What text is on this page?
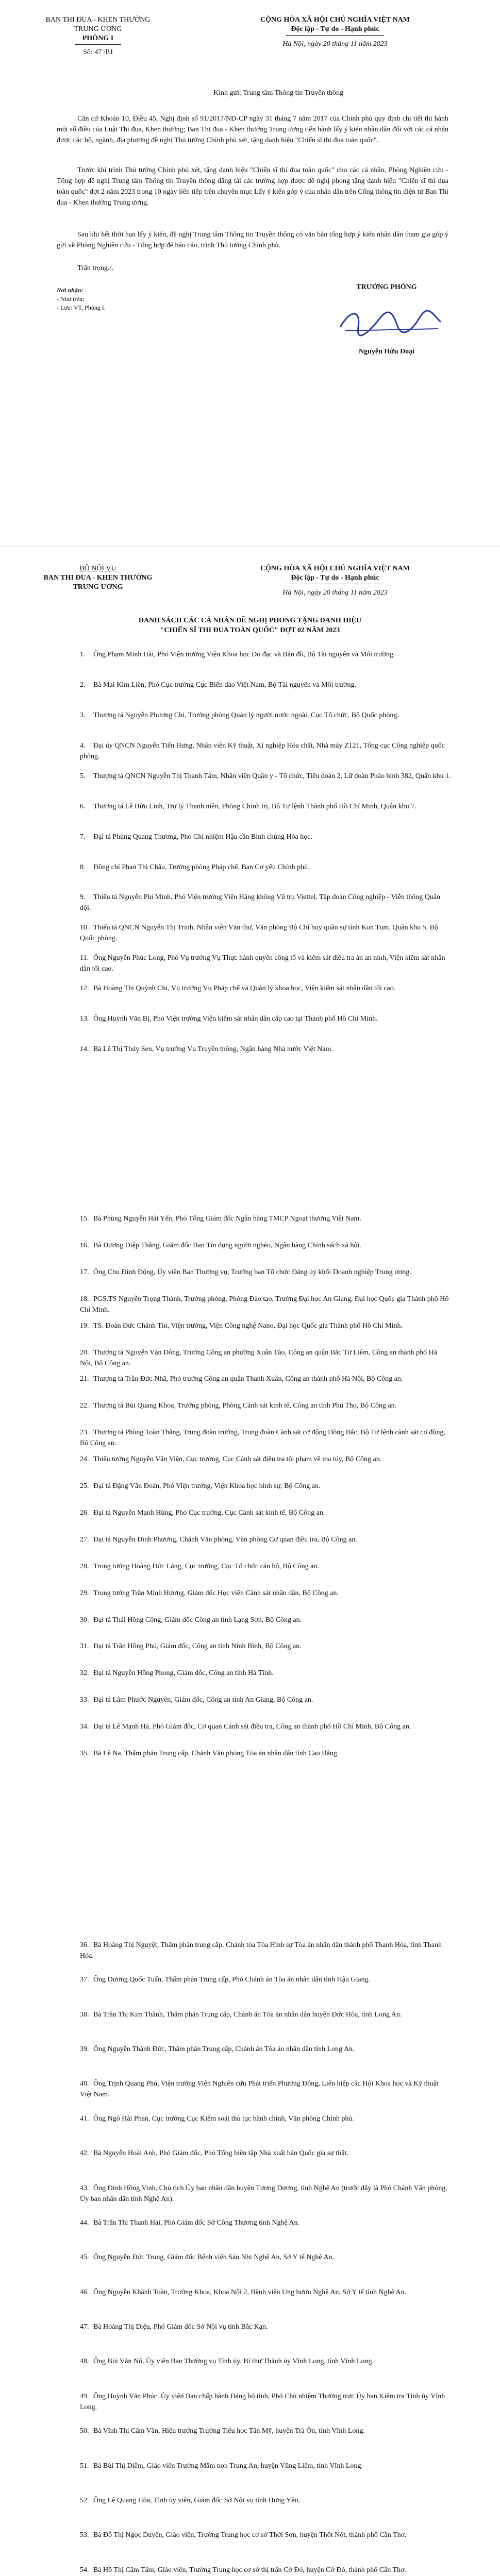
BAN THI ĐUA - KHEN THƯỞNG
TRUNG ƯƠNG
PHÒNG I
Số: 47 /P.I
CỘNG HÒA XÃ HỘI CHỦ NGHĨA VIỆT NAM
Độc lập - Tự do - Hạnh phúc
Hà Nội, ngày 20 tháng 11 năm 2023
Kính gửi: Trung tâm Thông tin Truyền thông
Căn cứ Khoản 10, Điều 45, Nghị định số 91/2017/NĐ-CP ngày 31 tháng 7 năm 2017 của Chính phủ quy định chi tiết thi hành một số điều của Luật Thi đua, Khen thưởng; Ban Thi đua - Khen thưởng Trung ương tiến hành lấy ý kiến nhân dân đối với các cá nhân được các bộ, ngành, địa phương đề nghị Thủ tướng Chính phủ xét, tặng danh hiệu "Chiến sĩ thi đua toàn quốc".
Trước khi trình Thủ tướng Chính phủ xét, tặng danh hiệu "Chiến sĩ thi đua toàn quốc" cho các cá nhân, Phòng Nghiên cứu - Tổng hợp đề nghị Trung tâm Thông tin Truyền thông đăng tải các trường hợp được đề nghị phong tặng danh hiệu "Chiến sĩ thi đua toàn quốc" đợt 2 năm 2023 trong 10 ngày liên tiếp trên chuyên mục Lấy ý kiến góp ý của nhân dân trên Cổng thông tin điện tử Ban Thi đua - Khen thưởng Trung ương.
Sau khi hết thời hạn lấy ý kiến, đề nghị Trung tâm Thông tin Truyền thông có văn bản tổng hợp ý kiến nhân dân tham gia góp ý gửi về Phòng Nghiên cứu - Tổng hợp để báo cáo, trình Thủ tướng Chính phủ.
Trân trọng./.
Nơi nhận:
- Như trên;
- Lưu: VT, Phòng I.
TRƯỞNG PHÒNG
Nguyễn Hữu Đoại
BỘ NỘI VỤ
BAN THI ĐUA - KHEN THƯỞNG
TRUNG ƯƠNG
CỘNG HÒA XÃ HỘI CHỦ NGHĨA VIỆT NAM
Độc lập - Tự do - Hạnh phúc
Hà Nội, ngày 20 tháng 11 năm 2023
DANH SÁCH CÁC CÁ NHÂN ĐỀ NGHỊ PHONG TẶNG DANH HIỆU
"CHIẾN SĨ THI ĐUA TOÀN QUỐC" ĐỢT 02 NĂM 2023
1. Ông Phạm Minh Hải, Phó Viện trưởng Viện Khoa học Đo đạc và Bản đồ, Bộ Tài nguyên và Môi trường.
2. Bà Mai Kim Liên, Phó Cục trưởng Cục Biển đảo Việt Nam, Bộ Tài nguyên và Môi trường.
3. Thượng tá Nguyễn Phương Chi, Trưởng phòng Quản lý người nước ngoài, Cục Tổ chức, Bộ Quốc phòng.
4. Đại úy QNCN Nguyễn Tiến Hưng, Nhân viên Kỹ thuật, Xí nghiệp Hóa chất, Nhà máy Z121, Tổng cục Công nghiệp quốc phòng.
5. Thượng tá QNCN Nguyễn Thị Thanh Tâm, Nhân viên Quân y - Tổ chức, Tiểu đoàn 2, Lữ đoàn Pháo binh 382, Quân khu 1.
6. Thượng tá Lê Hữu Linh, Trợ lý Thanh niên, Phòng Chính trị, Bộ Tư lệnh Thành phố Hồ Chí Minh, Quân khu 7.
7. Đại tá Phùng Quang Thương, Phó Chỉ nhiệm Hậu cần Bình chủng Hóa học.
8. Đồng chí Phan Thị Châu, Trưởng phòng Pháp chế, Ban Cơ yếu Chính phủ.
9. Thiếu tá Nguyễn Phi Minh, Phó Viện trưởng Viện Hàng không Vũ trụ Viettel, Tập đoàn Công nghiệp - Viễn thông Quân đội.
10. Thiếu tá QNCN Nguyễn Thị Trinh, Nhân viên Văn thư, Văn phòng Bộ Chỉ huy quân sự tỉnh Kon Tum, Quân khu 5, Bộ Quốc phòng.
11. Ông Nguyễn Phúc Long, Phó Vụ trưởng Vụ Thực hành quyền công tố và kiểm sát điều tra án an ninh, Viện kiểm sát nhân dân tối cao.
12. Bà Hoàng Thị Quỳnh Chi, Vụ trưởng Vụ Pháp chế và Quản lý khoa học, Viện kiểm sát nhân dân tối cao.
13. Ông Huỳnh Văn Bị, Phó Viện trưởng Viện kiểm sát nhân dân cấp cao tại Thành phố Hồ Chí Minh.
14. Bà Lê Thị Thúy Sen, Vụ trưởng Vụ Truyền thông, Ngân hàng Nhà nước Việt Nam.
15. Bà Phùng Nguyễn Hải Yến, Phó Tổng Giám đốc Ngân hàng TMCP Ngoại thương Việt Nam.
16. Bà Dương Diệp Thắng, Giám đốc Ban Tín dụng người nghèo, Ngân hàng Chính sách xã hội.
17. Ông Chu Đình Động, Ủy viên Ban Thường vụ, Trưởng ban Tổ chức Đảng ủy khối Doanh nghiệp Trung ương.
18. PGS.TS Nguyễn Trọng Thành, Trưởng phòng, Phòng Đào tạo, Trường Đại học An Giang, Đại học Quốc gia Thành phố Hồ Chí Minh.
19. TS. Đoàn Đức Chánh Tín, Viện trưởng, Viện Công nghệ Nano, Đại học Quốc gia Thành phố Hồ Chí Minh.
20. Thượng tá Nguyễn Văn Đông, Trưởng Công an phường Xuân Tảo, Công an quận Bắc Từ Liêm, Công an thành phố Hà Nội, Bộ Công an.
21. Thượng tá Trần Đức Nhã, Phó trưởng Công an quận Thanh Xuân, Công an thành phố Hà Nội, Bộ Công an.
22. Thượng tá Bùi Quang Khoa, Trưởng phòng, Phòng Cảnh sát kinh tế, Công an tỉnh Phú Thọ, Bộ Công an.
23. Thượng tá Phùng Toàn Thắng, Trung đoàn trưởng, Trung đoàn Cảnh sát cơ động Đồng Bắc, Bộ Tư lệnh cảnh sát cơ động, Bộ Công an.
24. Thiếu tướng Nguyễn Văn Viện, Cục trưởng, Cục Cảnh sát điều tra tội phạm về ma túy, Bộ Công an.
25. Đại tá Đặng Văn Đoàn, Phó Viện trưởng, Viện Khoa học hình sự, Bộ Công an.
26. Đại tá Nguyễn Mạnh Hùng, Phó Cục trưởng, Cục Cảnh sát kinh tế, Bộ Công an.
27. Đại tá Nguyễn Đình Phương, Chánh Văn phòng, Văn phòng Cơ quan điều tra, Bộ Công an.
28. Trung tướng Hoàng Đức Lăng, Cục trưởng, Cục Tổ chức cán bộ, Bộ Công an.
29. Trung tướng Trần Minh Hương, Giám đốc Học viện Cảnh sát nhân dân, Bộ Công an.
30. Đại tá Thái Hồng Công, Giám đốc Công an tỉnh Lạng Sơn, Bộ Công an.
31. Đại tá Trần Hồng Phú, Giám đốc, Công an tỉnh Ninh Bình, Bộ Công an.
32. Đại tá Nguyễn Hồng Phong, Giám đốc, Công an tỉnh Hà Tĩnh.
33. Đại tá Lâm Phước Nguyên, Giám đốc, Công an tỉnh An Giang, Bộ Công an.
34. Đại tá Lê Mạnh Hà, Phó Giám đốc, Cơ quan Cảnh sát điều tra, Công an thành phố Hồ Chí Minh, Bộ Công an.
35. Bà Lê Na, Thẩm phán Trung cấp, Chánh Văn phòng Tòa án nhân dân tỉnh Cao Bằng.
36. Bà Hoàng Thị Nguyệt, Thẩm phán trung cấp, Chánh tòa Tòa Hình sự Tòa án nhân dân thành phố Thanh Hóa, tỉnh Thanh Hóa.
37. Ông Dương Quốc Tuấn, Thẩm phán Trung cấp, Phó Chánh án Tòa án nhân dân tỉnh Hậu Giang.
38. Bà Trần Thị Kim Thành, Thẩm phán Trung cấp, Chánh án Tòa án nhân dân huyện Đức Hòa, tỉnh Long An.
39. Ông Nguyễn Thành Đức, Thẩm phán Trung cấp, Chánh án Tòa án nhân dân tỉnh Long An.
40. Ông Trịnh Quang Phú, Viện trưởng Viện Nghiên cứu Phát triển Phương Đông, Liên hiệp các Hội Khoa học và Kỹ thuật Việt Nam.
41. Ông Ngô Hải Phan, Cục trưởng Cục Kiểm soát thủ tục hành chính, Văn phòng Chính phủ.
42. Bà Nguyễn Hoài Anh, Phó Giám đốc, Phó Tổng biên tập Nhà xuất bản Quốc gia sự thật.
43. Ông Đinh Hồng Vinh, Chủ tịch Ủy ban nhân dân huyện Tương Dương, tỉnh Nghệ An (trước đây là Phó Chánh Văn phòng, Ủy ban nhân dân tỉnh Nghệ An).
44. Bà Trần Thị Thanh Hải, Phó Giám đốc Sở Công Thương tỉnh Nghệ An.
45. Ông Nguyễn Đức Trung, Giám đốc Bệnh viện Sản Nhi Nghệ An, Sở Y tế Nghệ An.
46. Ông Nguyễn Khánh Toàn, Trưởng Khoa, Khoa Nội 2, Bệnh viện Ung bướu Nghệ An, Sở Y tế tỉnh Nghệ An.
47. Bà Hoàng Thị Diệu, Phó Giám đốc Sở Nội vụ tỉnh Bắc Kạn.
48. Ông Bùi Văn Nô, Ủy viên Ban Thường vụ Tỉnh ủy, Bí thư Thành ủy Vĩnh Long, tỉnh Vĩnh Long.
49. Ông Huỳnh Văn Phúc, Ủy viên Ban chấp hành Đảng bộ tỉnh, Phó Chủ nhiệm Thường trực Ủy ban Kiểm tra Tỉnh ủy Vĩnh Long.
50. Bà Vĩnh Thị Cẩm Vân, Hiệu trưởng Trường Tiểu học Tân Mỹ, huyện Trà Ôn, tỉnh Vĩnh Long.
51. Bà Bùi Thị Diễm, Giáo viên Trường Mầm non Trung An, huyện Vũng Liêm, tỉnh Vĩnh Long.
52. Ông Lê Quang Hòa, Tỉnh ủy viên, Giám đốc Sở Nội vụ tỉnh Hưng Yên.
53. Bà Đỗ Thị Ngọc Duyên, Giáo viên, Trường Trung học cơ sở Thới Sơn, huyện Thốt Nốt, thành phố Cần Thơ.
54. Bà Hồ Thị Cẩm Tâm, Giáo viên, Trường Trung học cơ sở thị trấn Cờ Đỏ, huyện Cờ Đỏ, thành phố Cần Thơ.
